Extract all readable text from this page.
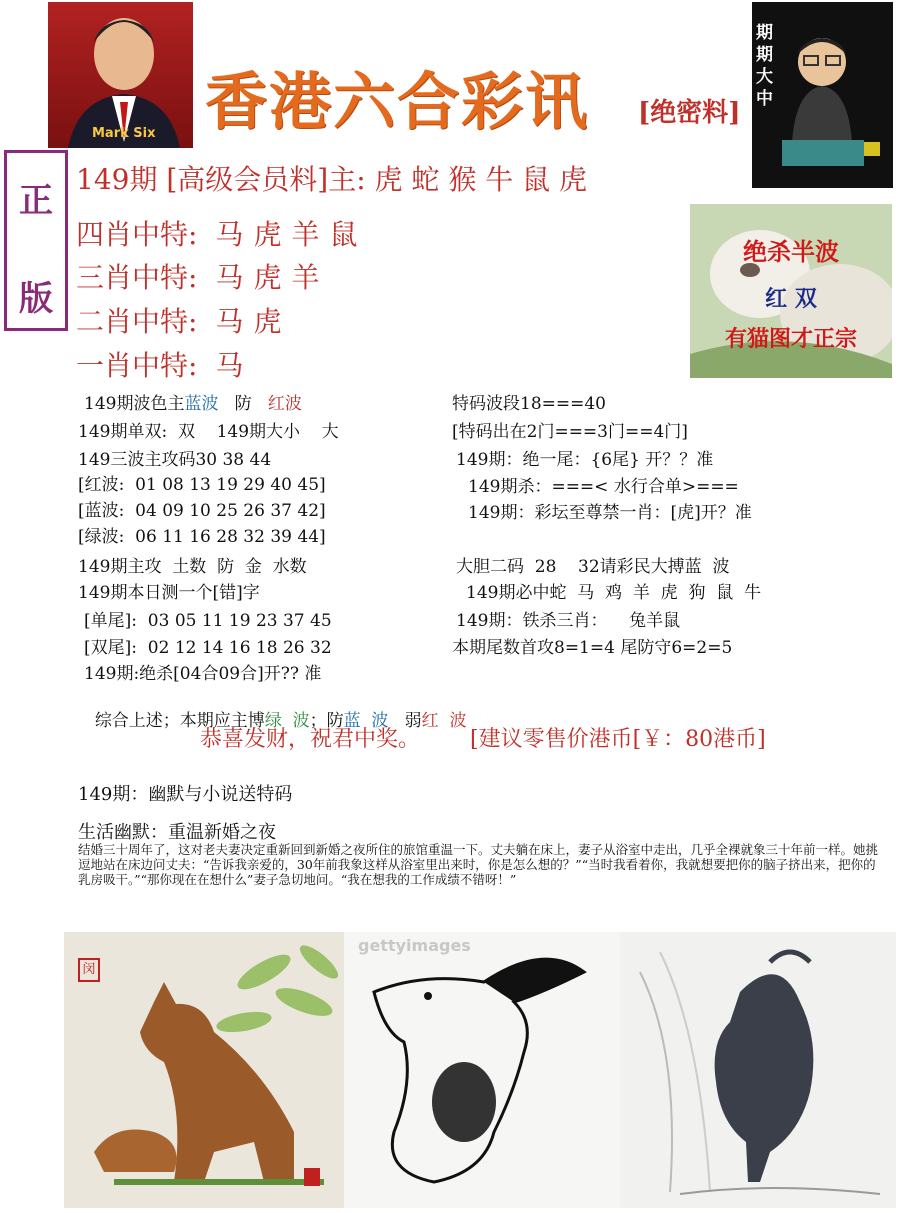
Mark Six 香港六合彩讯 [绝密料]
期期大中
正
版
149期 [高级会员料]主: 虎 蛇 猴 牛 鼠 虎
四肖中特: 马虎羊鼠
三肖中特: 马虎羊
二肖中特: 马虎
一肖中特: 马
绝杀半波
红 双
有猫图才正宗
149期波色主蓝波   防   红波
149期单双:  双    149期大小    大
149三波主攻码30 38 44
[红波:  01 08 13 19 29 40 45]
[蓝波:  04 09 10 25 26 37 42]
[绿波:  06 11 16 28 32 39 44]
149期主攻  土数  防  金  水数
149期本日测一个[错]字
[单尾]:  03 05 11 19 23 37 45
[双尾]:  02 12 14 16 18 26 32
149期:绝杀[04合09合]开?? 准

综合上述；本期应主博绿  波；防蓝  波   弱红  波

特码波段18===40
[特码出在2门===3门==4门]
149期：绝一尾：{6尾} 开？？准
149期杀：===< 水行合单>===
149期：彩坛至尊禁一肖：[虎]开？准
大胆二码  28    32请彩民大搏蓝  波
149期必中蛇  马  鸡  羊  虎  狗  鼠  牛
149期：铁杀三肖：    兔羊鼠
本期尾数首攻8=1=4 尾防守6=2=5
恭喜发财，祝君中奖。 [建议零售价港币[￥：80港币]
149期：幽默与小说送特码
生活幽默：重温新婚之夜
结婚三十周年了，这对老夫妻决定重新回到新婚之夜所住的旅馆重温一下。丈夫躺在床上，妻子从浴室中走出，几乎全裸就象三十年前一样。她挑逗地站在床边问丈夫：“告诉我亲爱的，30年前我象这样从浴室里出来时，你是怎么想的？”“当时我看着你，我就想要把你的脑子挤出来，把你的乳房吸干。”“那你现在在想什么”妻子急切地问。“我在想我的工作成绩不错呀！”
闵
gettyimages
